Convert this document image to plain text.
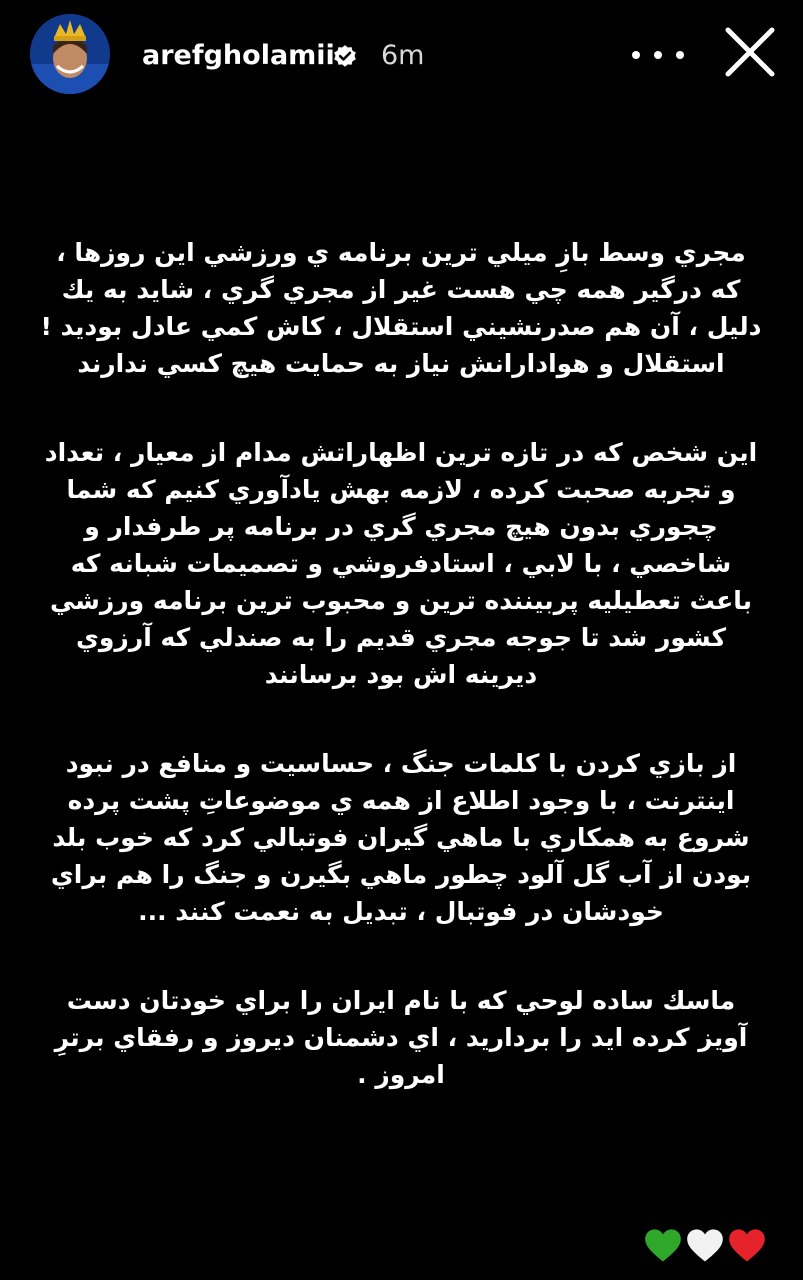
arefgholamii 6m

مجري وسط بازِ ميلي ترين برنامه ي ورزشي اين روزها ، كه درگير همه چي هست غير از مجري گري ، شايد به يك دليل ، آن هم صدرنشيني استقلال ، كاش كمي عادل بوديد ! استقلال و هوادارانش نياز به حمايت هيچ كسي ندارند

اين شخص كه در تازه ترين اظهاراتش مدام از معيار ، تعداد و تجربه صحبت كرده ، لازمه بهش يادآوري كنيم كه شما چجوري بدون هيچ مجري گري در برنامه پر طرفدار و شاخصي ، با لابي ، استادفروشي و تصميمات شبانه كه باعث تعطيليه پربيننده ترين و محبوب ترين برنامه ورزشي كشور شد تا جوجه مجري قديم را به صندلي كه آرزوي ديرينه اش بود برسانند

از بازي كردن با كلمات جنگ ، حساسيت و منافع در نبود اينترنت ، با وجود اطلاع از همه ي موضوعاتِ پشت پرده شروع به همكاري با ماهي گيران فوتبالي كرد كه خوب بلد بودن از آب گل آلود چطور ماهي بگيرن و جنگ را هم براي خودشان در فوتبال ، تبديل به نعمت كنند ...

ماسك ساده لوحي كه با نام ايران را براي خودتان دست آويز كرده ايد را برداريد ، اي دشمنان ديروز و رفقاي برترِ امروز .
